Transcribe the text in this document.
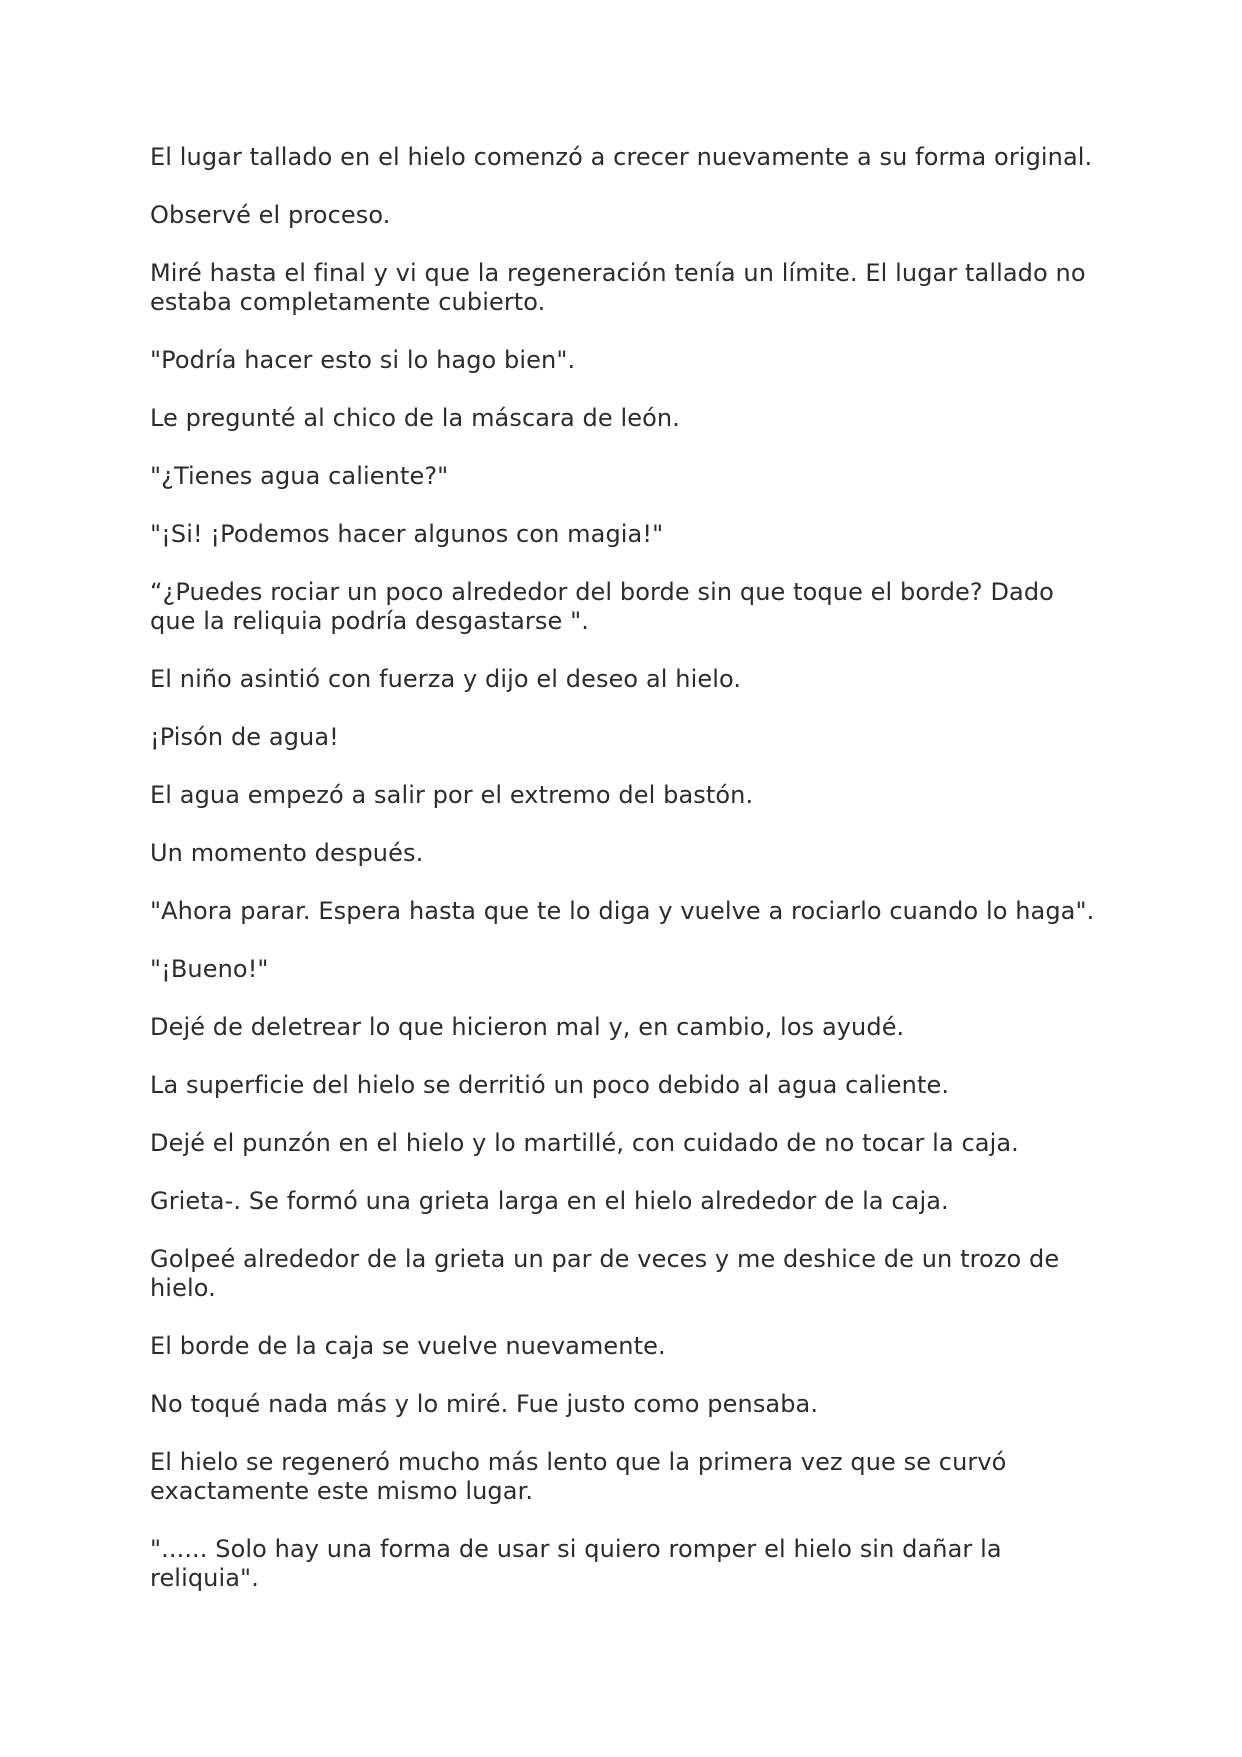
El lugar tallado en el hielo comenzó a crecer nuevamente a su forma original.

Observé el proceso.

Miré hasta el final y vi que la regeneración tenía un límite. El lugar tallado no estaba completamente cubierto.

"Podría hacer esto si lo hago bien".

Le pregunté al chico de la máscara de león.

"¿Tienes agua caliente?"

"¡Si! ¡Podemos hacer algunos con magia!"

“¿Puedes rociar un poco alrededor del borde sin que toque el borde? Dado que la reliquia podría desgastarse ".

El niño asintió con fuerza y dijo el deseo al hielo.

¡Pisón de agua!

El agua empezó a salir por el extremo del bastón.

Un momento después.

"Ahora parar. Espera hasta que te lo diga y vuelve a rociarlo cuando lo haga".

"¡Bueno!"

Dejé de deletrear lo que hicieron mal y, en cambio, los ayudé.

La superficie del hielo se derritió un poco debido al agua caliente.

Dejé el punzón en el hielo y lo martillé, con cuidado de no tocar la caja.

Grieta-. Se formó una grieta larga en el hielo alrededor de la caja.

Golpeé alrededor de la grieta un par de veces y me deshice de un trozo de hielo.

El borde de la caja se vuelve nuevamente.

No toqué nada más y lo miré. Fue justo como pensaba.

El hielo se regeneró mucho más lento que la primera vez que se curvó exactamente este mismo lugar.

"...... Solo hay una forma de usar si quiero romper el hielo sin dañar la reliquia".
